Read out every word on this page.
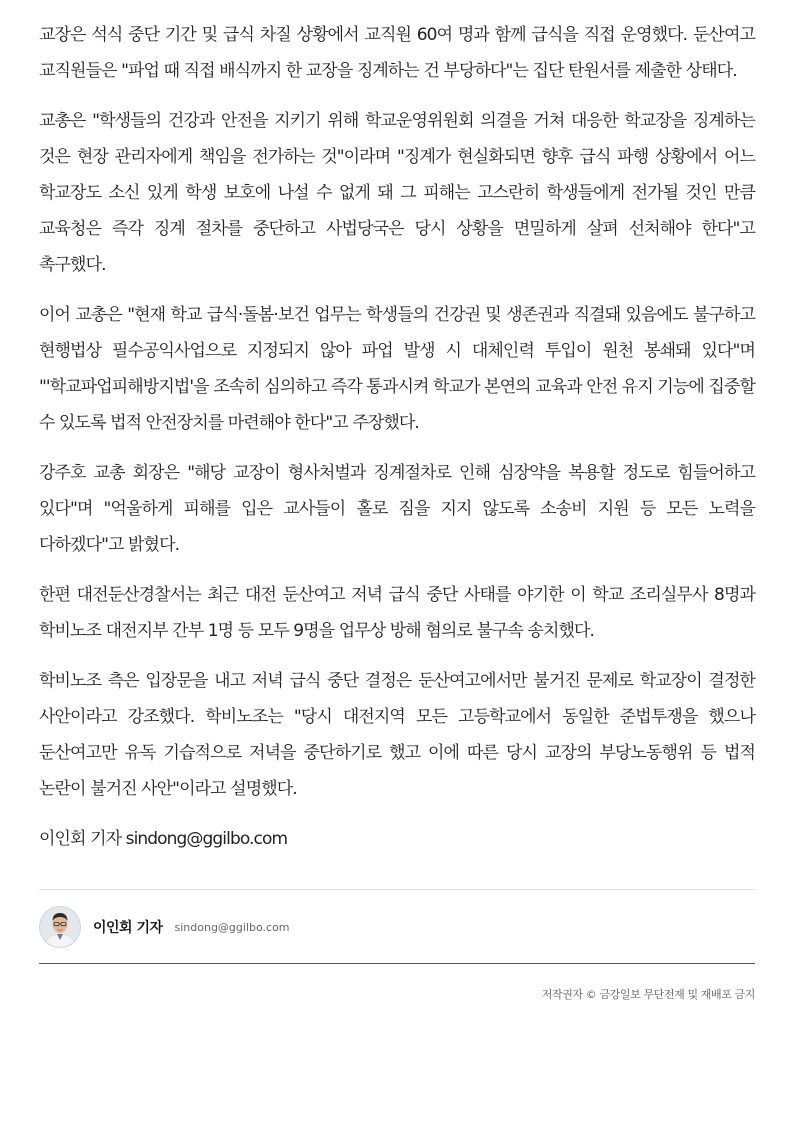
교장은 석식 중단 기간 및 급식 차질 상황에서 교직원 60여 명과 함께 급식을 직접 운영했다. 둔산여고 교직원들은 "파업 때 직접 배식까지 한 교장을 징계하는 건 부당하다"는 집단 탄원서를 제출한 상태다.

교총은 "학생들의 건강과 안전을 지키기 위해 학교운영위원회 의결을 거쳐 대응한 학교장을 징계하는 것은 현장 관리자에게 책임을 전가하는 것"이라며 "징계가 현실화되면 향후 급식 파행 상황에서 어느 학교장도 소신 있게 학생 보호에 나설 수 없게 돼 그 피해는 고스란히 학생들에게 전가될 것인 만큼 교육청은 즉각 징계 절차를 중단하고 사법당국은 당시 상황을 면밀하게 살펴 선처해야 한다"고 촉구했다.

이어 교총은 "현재 학교 급식·돌봄·보건 업무는 학생들의 건강권 및 생존권과 직결돼 있음에도 불구하고 현행법상 필수공익사업으로 지정되지 않아 파업 발생 시 대체인력 투입이 원천 봉쇄돼 있다"며 "'학교파업피해방지법'을 조속히 심의하고 즉각 통과시켜 학교가 본연의 교육과 안전 유지 기능에 집중할 수 있도록 법적 안전장치를 마련해야 한다"고 주장했다.

강주호 교총 회장은 "해당 교장이 형사처벌과 징계절차로 인해 심장약을 복용할 정도로 힘들어하고 있다"며 "억울하게 피해를 입은 교사들이 홀로 짐을 지지 않도록 소송비 지원 등 모든 노력을 다하겠다"고 밝혔다.

한편 대전둔산경찰서는 최근 대전 둔산여고 저녁 급식 중단 사태를 야기한 이 학교 조리실무사 8명과 학비노조 대전지부 간부 1명 등 모두 9명을 업무상 방해 혐의로 불구속 송치했다.

학비노조 측은 입장문을 내고 저녁 급식 중단 결정은 둔산여고에서만 불거진 문제로 학교장이 결정한 사안이라고 강조했다. 학비노조는 "당시 대전지역 모든 고등학교에서 동일한 준법투쟁을 했으나 둔산여고만 유독 기습적으로 저녁을 중단하기로 했고 이에 따른 당시 교장의 부당노동행위 등 법적 논란이 불거진 사안"이라고 설명했다.

이인회 기자 sindong@ggilbo.com

이인회 기자 sindong@ggilbo.com
저작권자 © 금강일보 무단전재 및 재배포 금지
